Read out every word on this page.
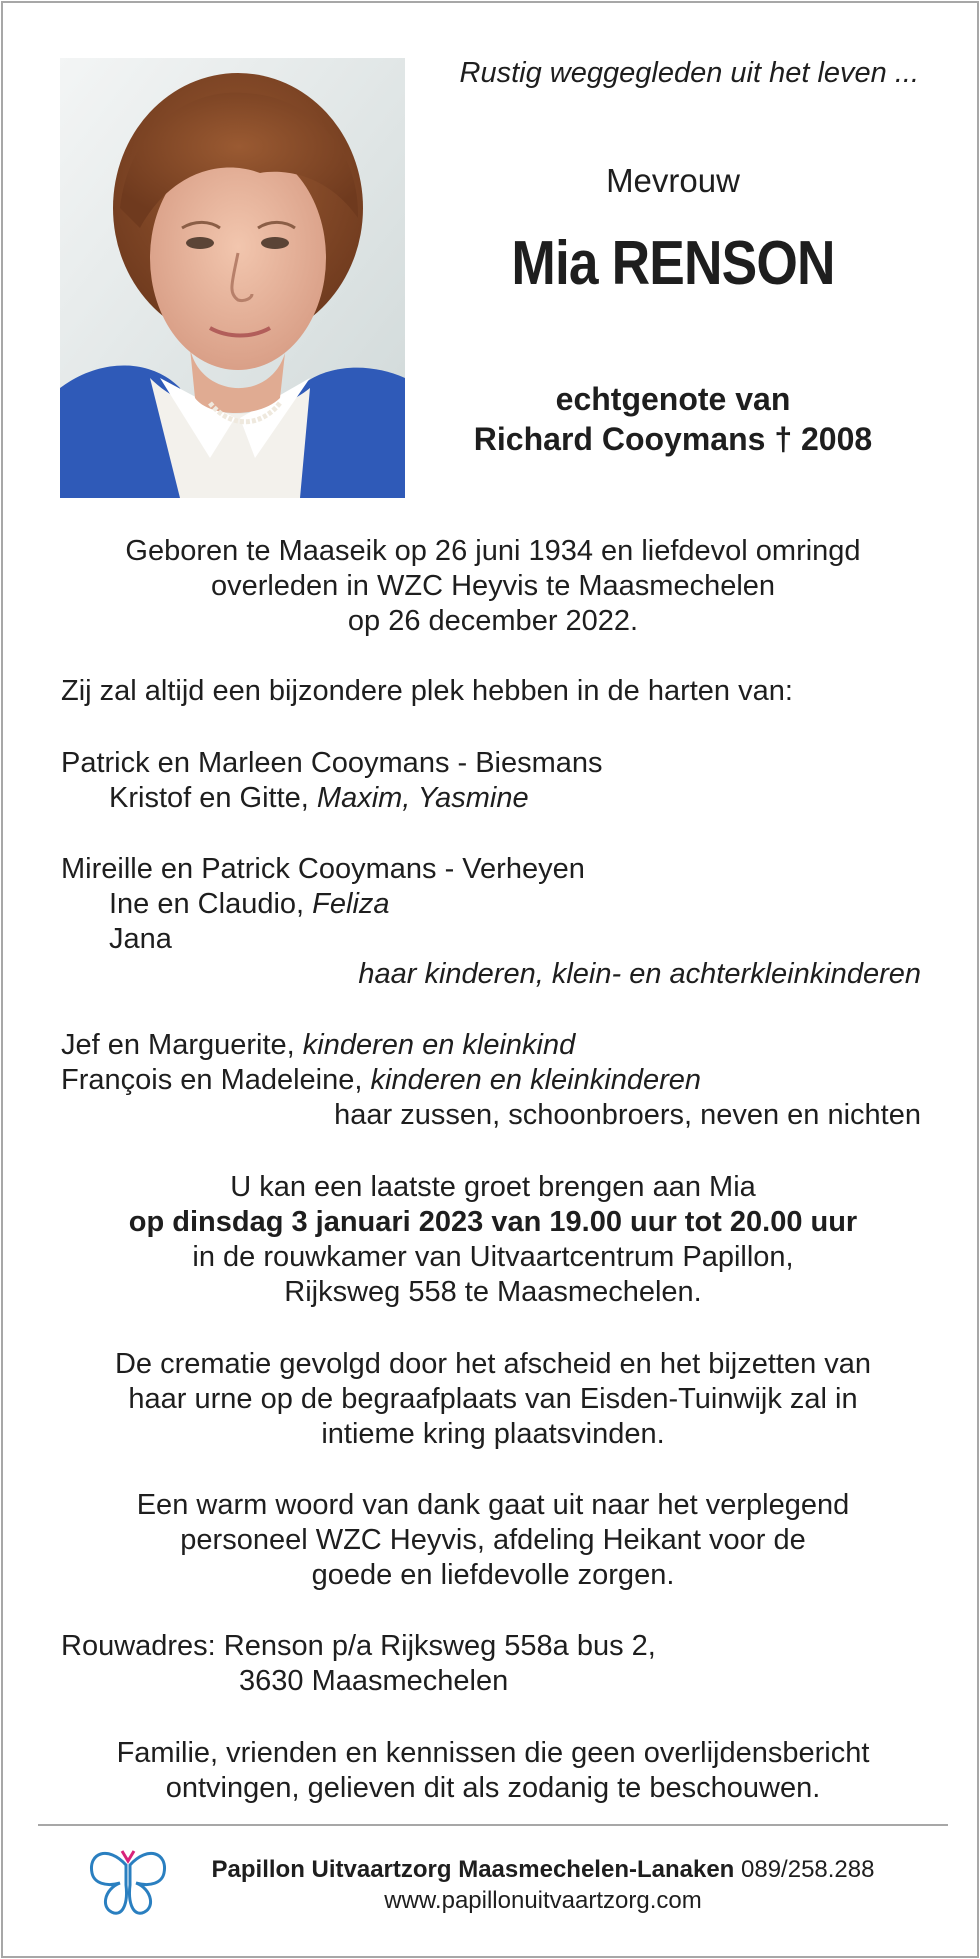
Rustig weggegleden uit het leven ...
Mevrouw
Mia RENSON
echtgenote van
Richard Cooymans † 2008
Geboren te Maaseik op 26 juni 1934 en liefdevol omringd
overleden in WZC Heyvis te Maasmechelen
op 26 december 2022.
Zij zal altijd een bijzondere plek hebben in de harten van:
Patrick en Marleen Cooymans - Biesmans
Kristof en Gitte, Maxim, Yasmine
Mireille en Patrick Cooymans - Verheyen
Ine en Claudio, Feliza
Jana
haar kinderen, klein- en achterkleinkinderen
Jef en Marguerite, kinderen en kleinkind
François en Madeleine, kinderen en kleinkinderen
haar zussen, schoonbroers, neven en nichten
U kan een laatste groet brengen aan Mia
op dinsdag 3 januari 2023 van 19.00 uur tot 20.00 uur
in de rouwkamer van Uitvaartcentrum Papillon,
Rijksweg 558 te Maasmechelen.
De crematie gevolgd door het afscheid en het bijzetten van
haar urne op de begraafplaats van Eisden-Tuinwijk zal in
intieme kring plaatsvinden.
Een warm woord van dank gaat uit naar het verplegend
personeel WZC Heyvis, afdeling Heikant voor de
goede en liefdevolle zorgen.
Rouwadres: Renson p/a Rijksweg 558a bus 2,
3630 Maasmechelen
Familie, vrienden en kennissen die geen overlijdensbericht
ontvingen, gelieven dit als zodanig te beschouwen.
Papillon Uitvaartzorg Maasmechelen-Lanaken 089/258.288
www.papillonuitvaartzorg.com
